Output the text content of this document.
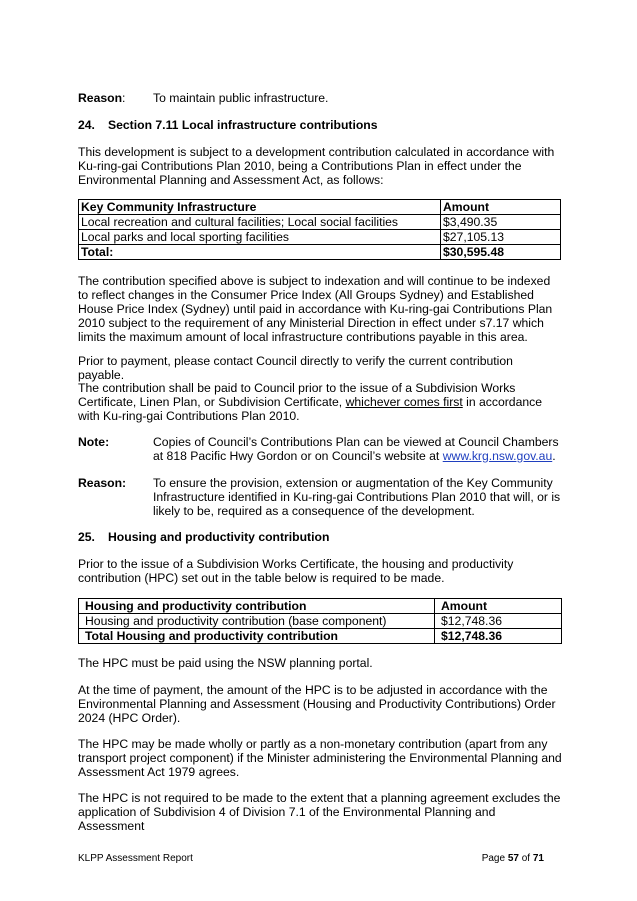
Reason:	To maintain public infrastructure.
24.	Section 7.11 Local infrastructure contributions
This development is subject to a development contribution calculated in accordance with Ku-ring-gai Contributions Plan 2010, being a Contributions Plan in effect under the Environmental Planning and Assessment Act, as follows:
Key Community Infrastructure	Amount
Local recreation and cultural facilities; Local social facilities	$3,490.35
Local parks and local sporting facilities	$27,105.13
Total:	$30,595.48
The contribution specified above is subject to indexation and will continue to be indexed to reflect changes in the Consumer Price Index (All Groups Sydney) and Established House Price Index (Sydney) until paid in accordance with Ku-ring-gai Contributions Plan 2010 subject to the requirement of any Ministerial Direction in effect under s7.17 which limits the maximum amount of local infrastructure contributions payable in this area.
Prior to payment, please contact Council directly to verify the current contribution payable.
The contribution shall be paid to Council prior to the issue of a Subdivision Works Certificate, Linen Plan, or Subdivision Certificate, whichever comes first in accordance with Ku-ring-gai Contributions Plan 2010.
Note:	Copies of Council’s Contributions Plan can be viewed at Council Chambers at 818 Pacific Hwy Gordon or on Council’s website at www.krg.nsw.gov.au.
Reason:	To ensure the provision, extension or augmentation of the Key Community Infrastructure identified in Ku-ring-gai Contributions Plan 2010 that will, or is likely to be, required as a consequence of the development.
25.	Housing and productivity contribution
Prior to the issue of a Subdivision Works Certificate, the housing and productivity contribution (HPC) set out in the table below is required to be made.
Housing and productivity contribution	Amount
Housing and productivity contribution (base component)	$12,748.36
Total Housing and productivity contribution	$12,748.36
The HPC must be paid using the NSW planning portal.
At the time of payment, the amount of the HPC is to be adjusted in accordance with the Environmental Planning and Assessment (Housing and Productivity Contributions) Order 2024 (HPC Order).
The HPC may be made wholly or partly as a non-monetary contribution (apart from any transport project component) if the Minister administering the Environmental Planning and Assessment Act 1979 agrees.
The HPC is not required to be made to the extent that a planning agreement excludes the application of Subdivision 4 of Division 7.1 of the Environmental Planning and Assessment
KLPP Assessment Report	Page 57 of 71
